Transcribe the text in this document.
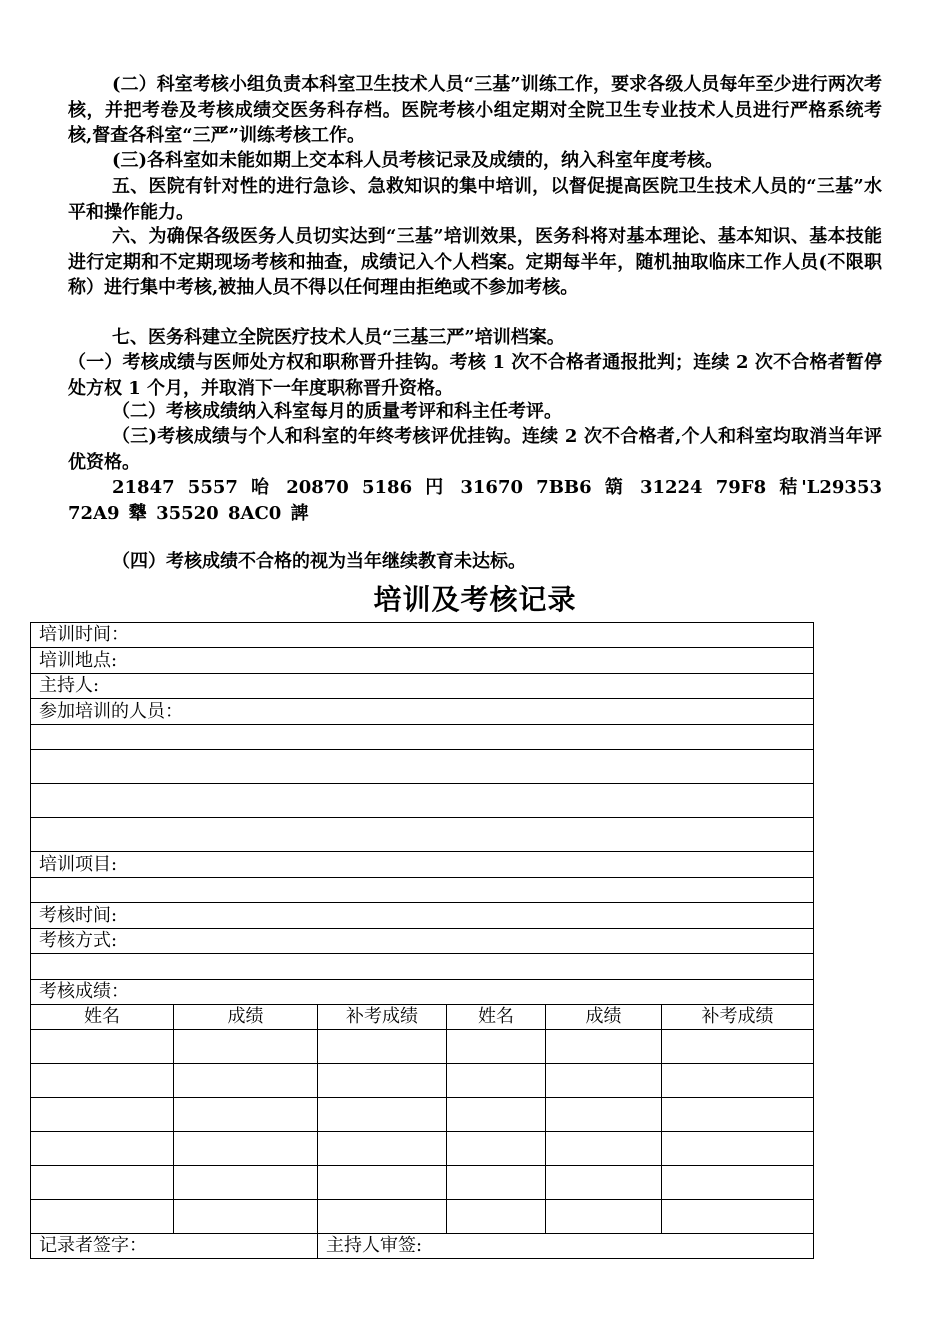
(二）科室考核小组负责本科室卫生技术人员“三基”训练工作，要求各级人员每年至少进行两次考核，并把考卷及考核成绩交医务科存档。医院考核小组定期对全院卫生专业技术人员进行严格系统考核,督查各科室“三严”训练考核工作。

(三)各科室如未能如期上交本科人员考核记录及成绩的，纳入科室年度考核。

五、医院有针对性的进行急诊、急救知识的集中培训，以督促提高医院卫生技术人员的“三基”水平和操作能力。

六、为确保各级医务人员切实达到“三基”培训效果，医务科将对基本理论、基本知识、基本技能进行定期和不定期现场考核和抽查，成绩记入个人档案。定期每半年，随机抽取临床工作人员(不限职称）进行集中考核,被抽人员不得以任何理由拒绝或不参加考核。

七、医务科建立全院医疗技术人员“三基三严”培训档案。

（一）考核成绩与医师处方权和职称晋升挂钩。考核 1 次不合格者通报批判；连续 2 次不合格者暂停处方权 1 个月，并取消下一年度职称晋升资格。

（二）考核成绩纳入科室每月的质量考评和科主任考评。

（三)考核成绩与个人和科室的年终考核评优挂钩。连续 2 次不合格者,个人和科室均取消当年评优资格。

21847 5557 咍 20870 5186 円 31670 7BB6 箶 31224 79F8 秸'L29353 72A9 犩 35520 8AC0 諀

（四）考核成绩不合格的视为当年继续教育未达标。

培训及考核记录
培训时间：					
培训地点:					
主持人:					
参加培训的人员：					

培训项目:					

考核时间:					
考核方式:					

考核成绩：					
姓名	成绩	补考成绩	姓名	成绩	补考成绩

记录者签字：		主持人审签:			
